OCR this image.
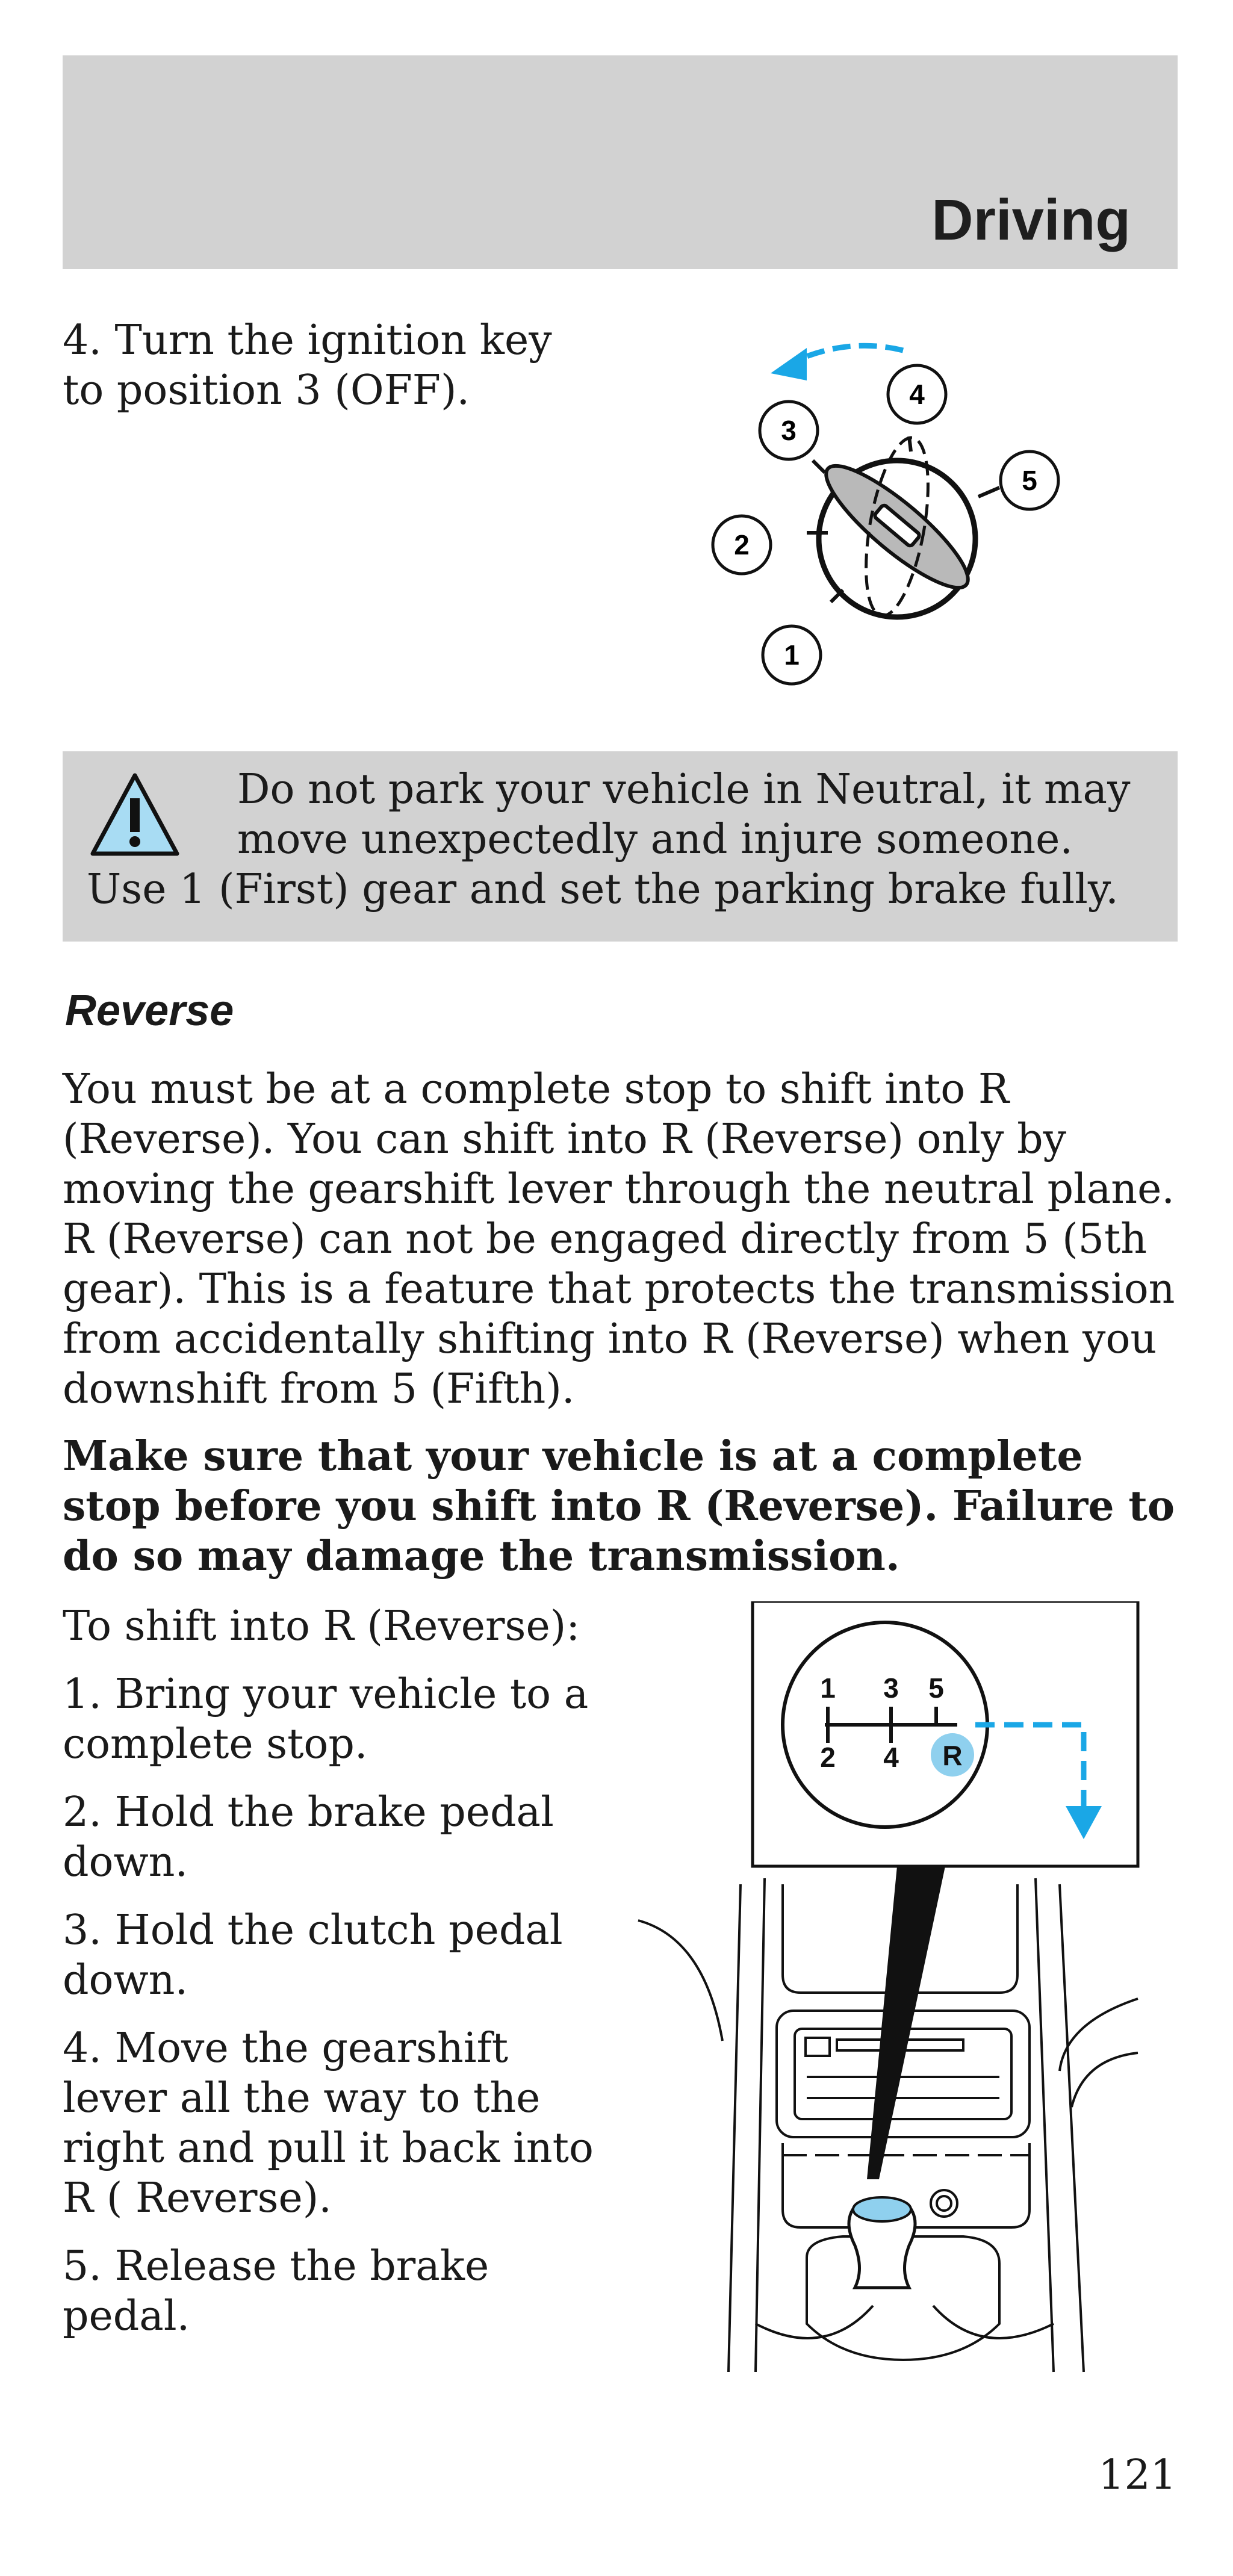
Driving

4. Turn the ignition key to position 3 (OFF).

1
2
3
4
5

Do not park your vehicle in Neutral, it may move unexpectedly and injure someone. Use 1 (First) gear and set the parking brake fully.

Reverse

You must be at a complete stop to shift into R (Reverse). You can shift into R (Reverse) only by moving the gearshift lever through the neutral plane. R (Reverse) can not be engaged directly from 5 (5th gear). This is a feature that protects the transmission from accidentally shifting into R (Reverse) when you downshift from 5 (Fifth).

Make sure that your vehicle is at a complete stop before you shift into R (Reverse). Failure to do so may damage the transmission.

To shift into R (Reverse):

1. Bring your vehicle to a complete stop.

2. Hold the brake pedal down.

3. Hold the clutch pedal down.

4. Move the gearshift lever all the way to the right and pull it back into R ( Reverse).

5. Release the brake pedal.

1 3 5
2 4 R

121
